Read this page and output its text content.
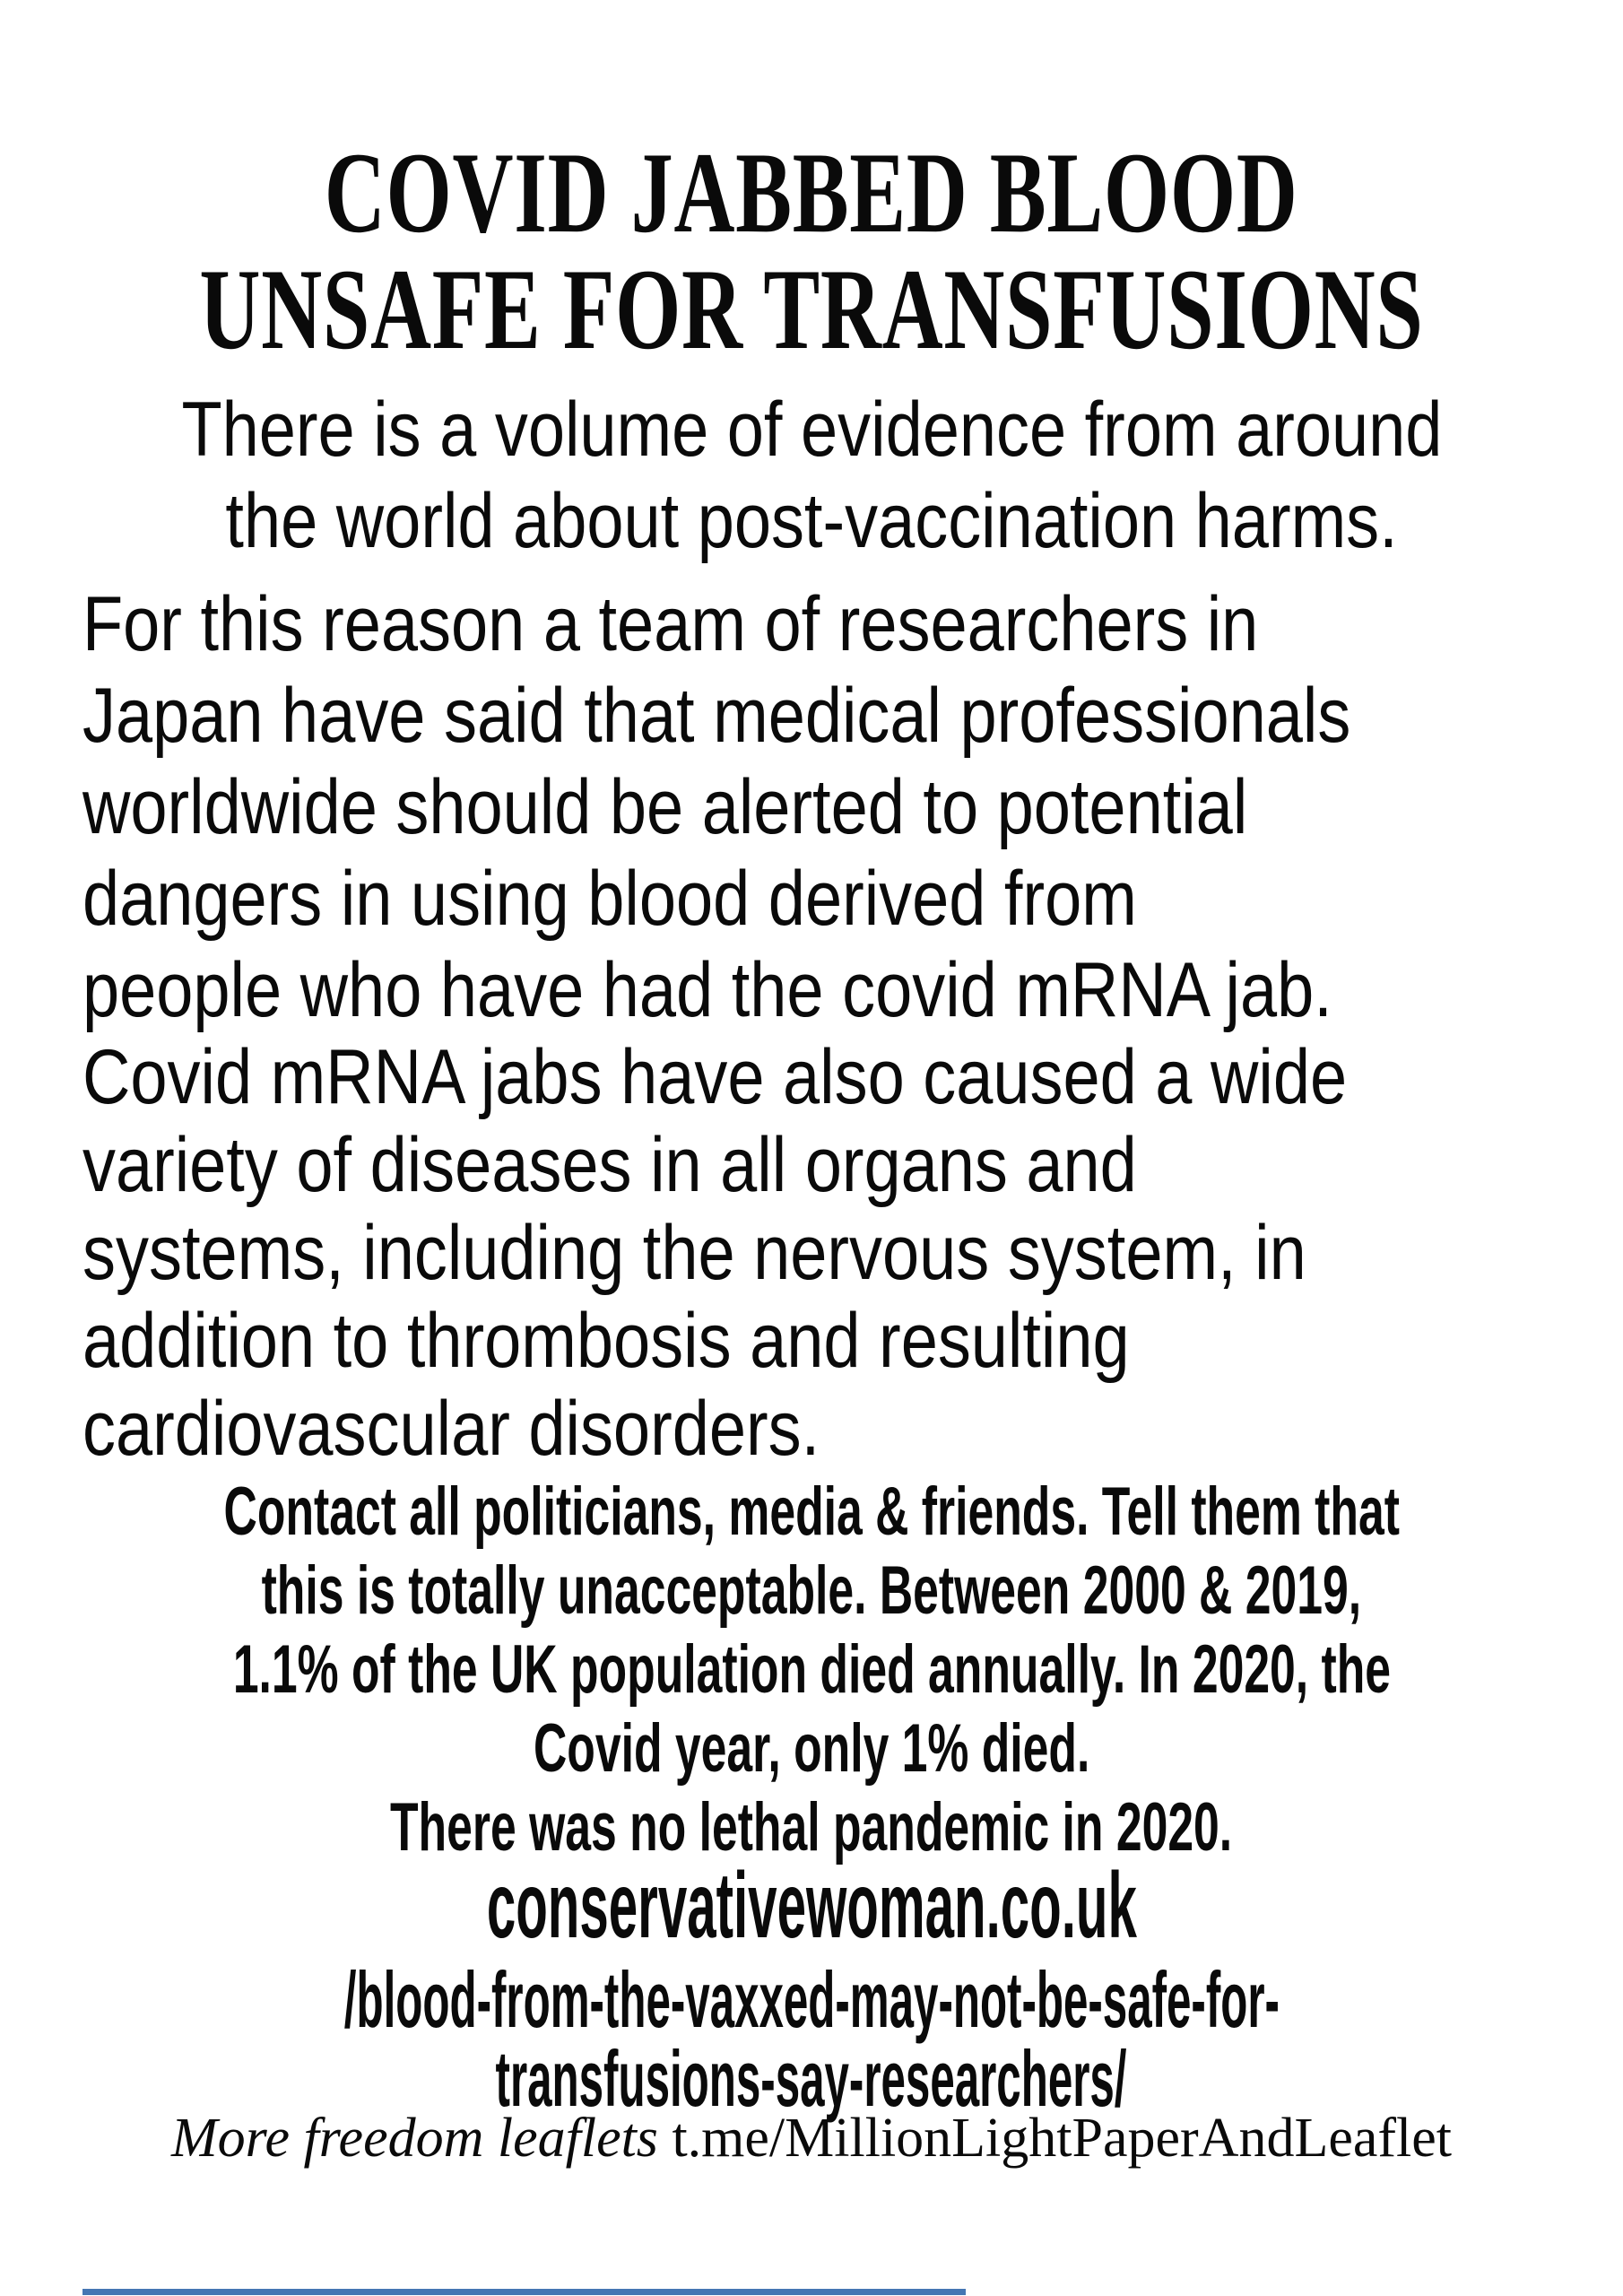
COVID JABBED BLOOD
UNSAFE FOR TRANSFUSIONS
There is a volume of evidence from around
the world about post-vaccination harms.
For this reason a team of researchers in
Japan have said that medical professionals
worldwide should be alerted to potential
dangers in using blood derived from
people who have had the covid mRNA jab.
Covid mRNA jabs have also caused a wide
variety of diseases in all organs and
systems, including the nervous system, in
addition to thrombosis and resulting
cardiovascular disorders.
Contact all politicians, media & friends. Tell them that
this is totally unacceptable. Between 2000 & 2019,
1.1% of the UK population died annually. In 2020, the
Covid year, only 1% died.
There was no lethal pandemic in 2020.
conservativewoman.co.uk
/blood-from-the-vaxxed-may-not-be-safe-for-
transfusions-say-researchers/
More freedom leaflets t.me/MillionLightPaperAndLeaflet
